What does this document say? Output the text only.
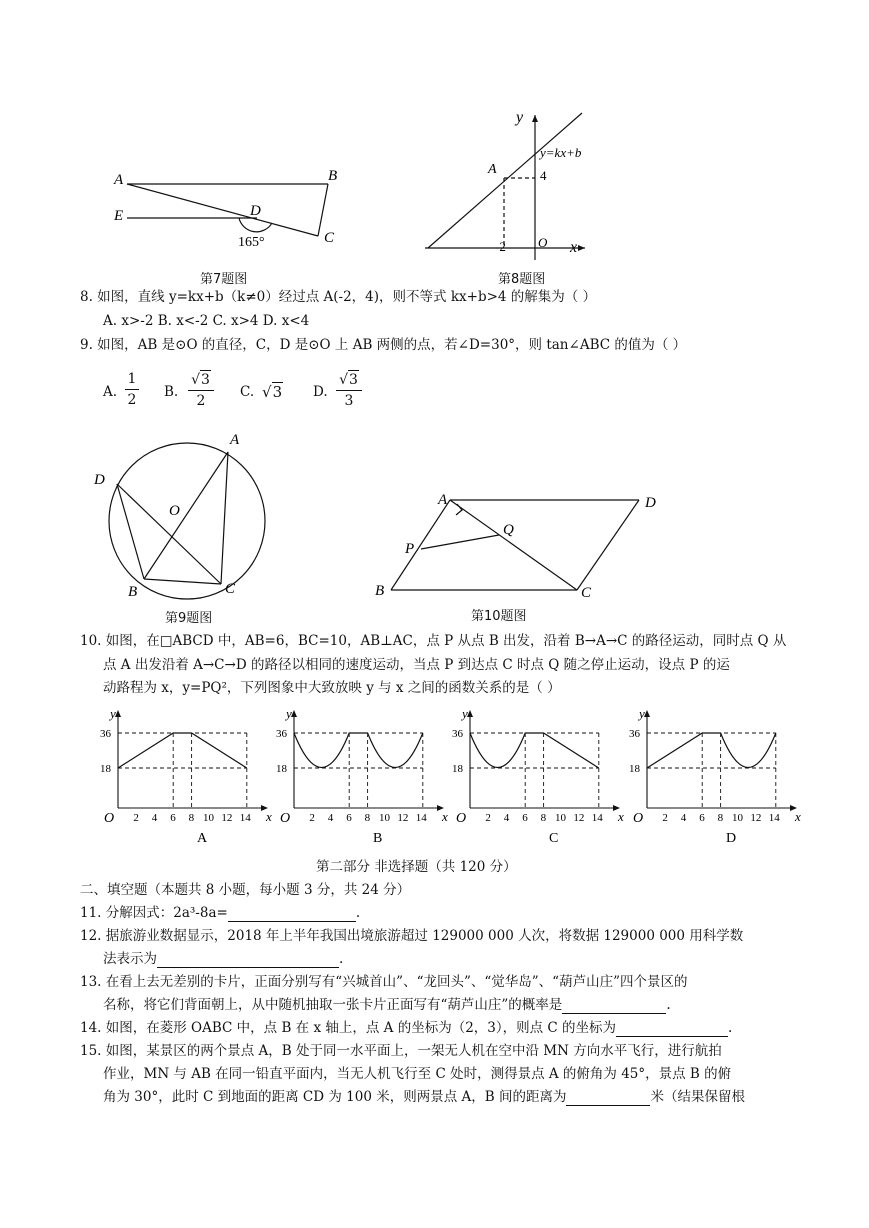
A	B
C
D
E
165°
第7题图
y
x
O
y=kx+b
A	4
-2
第8题图
8. 如图，直线 y=kx+b（k≠0）经过点 A(-2，4)，则不等式 kx+b>4 的解集为（ ）
A. x>-2 B. x<-2 C. x>4 D. x<4
9. 如图，AB 是⊙O 的直径，C，D 是⊙O 上 AB 两侧的点，若∠D=30°，则 tan∠ABC 的值为（ ）
A.
1
2 B.
√3
2
C. √3 D.
√3
3
A
B	C
D
O
第9题图
A
B	C
D
P
Q
第10题图
10. 如图，在□ABCD 中，AB=6，BC=10，AB⊥AC，点 P 从点 B 出发，沿着 B→A→C 的路径运动，同时点 Q 从
点 A 出发沿着 A→C→D 的路径以相同的速度运动，当点 P 到达点 C 时点 Q 随之停止运动，设点 P 的运
动路程为 x，y=PQ²，下列图象中大致放映 y 与 x 之间的函数关系的是（ ）
2 4 6 8 10 12 14
36
18
O
y
x
A
2 4 6 8 10 12 14
36
18
O
y
x
B
2 4 6 8 10 12 14
36
18
O
y
x
C
2 4 6 8 10 12 14
36
18
O
y
x
D
第二部分 非选择题（共 120 分）
二、填空题（本题共 8 小题，每小题 3 分，共 24 分）
11. 分解因式：2a³-8a=	.
12. 据旅游业数据显示，2018 年上半年我国出境旅游超过 129000 000 人次，将数据 129000 000 用科学数
法表示为	.
13. 在看上去无差别的卡片，正面分别写有“兴城首山”、“龙回头”、“觉华岛”、“葫芦山庄”四个景区的
名称，将它们背面朝上，从中随机抽取一张卡片正面写有“葫芦山庄”的概率是	.
14. 如图，在菱形 OABC 中，点 B 在 x 轴上，点 A 的坐标为（2，3），则点 C 的坐标为	.
15. 如图，某景区的两个景点 A，B 处于同一水平面上，一架无人机在空中沿 MN 方向水平飞行，进行航拍
作业，MN 与 AB 在同一铅直平面内，当无人机飞行至 C 处时，测得景点 A 的俯角为 45°，景点 B 的俯
角为 30°，此时 C 到地面的距离 CD 为 100 米，则两景点 A，B 间的距离为	米（结果保留根
